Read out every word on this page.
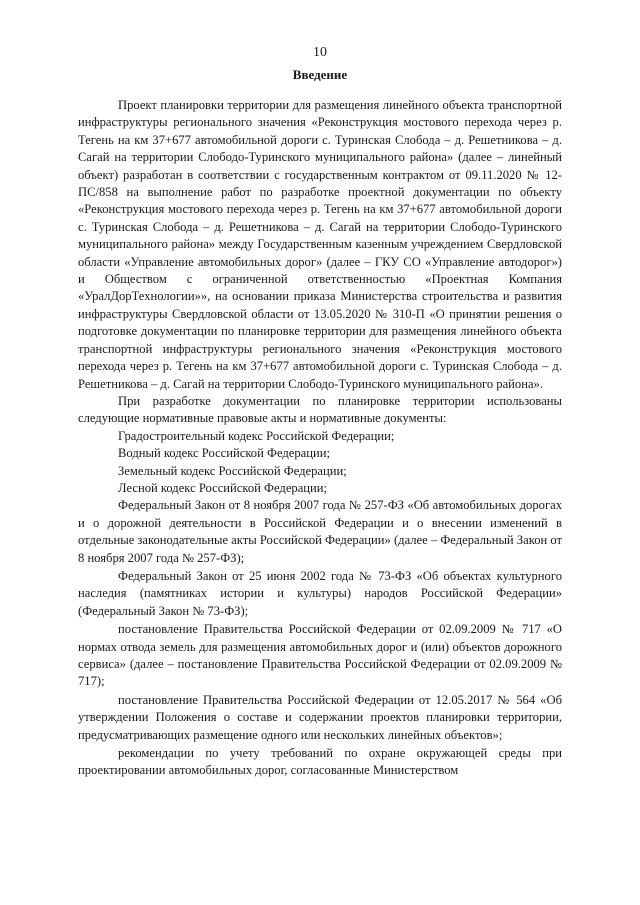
10
Введение

Проект планировки территории для размещения линейного объекта транспортной инфраструктуры регионального значения «Реконструкция мостового перехода через р. Тегень на км 37+677 автомобильной дороги с. Туринская Слобода – д. Решетникова – д. Сагай на территории Слободо-Туринского муниципального района» (далее – линейный объект) разработан в соответствии с государственным контрактом от 09.11.2020 № 12-ПС/858 на выполнение работ по разработке проектной документации по объекту «Реконструкция мостового перехода через р. Тегень на км 37+677 автомобильной дороги с. Туринская Слобода – д. Решетникова – д. Сагай на территории Слободо-Туринского муниципального района» между Государственным казенным учреждением Свердловской области «Управление автомобильных дорог» (далее – ГКУ СО «Управление автодорог») и Обществом с ограниченной ответственностью «Проектная Компания «УралДорТехнологии»», на основании приказа Министерства строительства и развития инфраструктуры Свердловской области от 13.05.2020 № 310-П «О принятии решения о подготовке документации по планировке территории для размещения линейного объекта транспортной инфраструктуры регионального значения «Реконструкция мостового перехода через р. Тегень на км 37+677 автомобильной дороги с. Туринская Слобода – д. Решетникова – д. Сагай на территории Слободо-Туринского муниципального района».

При разработке документации по планировке территории использованы следующие нормативные правовые акты и нормативные документы:

Градостроительный кодекс Российской Федерации;

Водный кодекс Российской Федерации;

Земельный кодекс Российской Федерации;

Лесной кодекс Российской Федерации;

Федеральный Закон от 8 ноября 2007 года № 257-ФЗ «Об автомобильных дорогах и о дорожной деятельности в Российской Федерации и о внесении изменений в отдельные законодательные акты Российской Федерации» (далее – Федеральный Закон от 8 ноября 2007 года № 257-ФЗ);

Федеральный Закон от 25 июня 2002 года № 73-ФЗ «Об объектах культурного наследия (памятниках истории и культуры) народов Российской Федерации» (Федеральный Закон № 73-ФЗ);

постановление Правительства Российской Федерации от 02.09.2009 № 717 «О нормах отвода земель для размещения автомобильных дорог и (или) объектов дорожного сервиса» (далее – постановление Правительства Российской Федерации от 02.09.2009 № 717);

постановление Правительства Российской Федерации от 12.05.2017 № 564 «Об утверждении Положения о составе и содержании проектов планировки территории, предусматривающих размещение одного или нескольких линейных объектов»;

рекомендации по учету требований по охране окружающей среды при проектировании автомобильных дорог, согласованные Министерством
